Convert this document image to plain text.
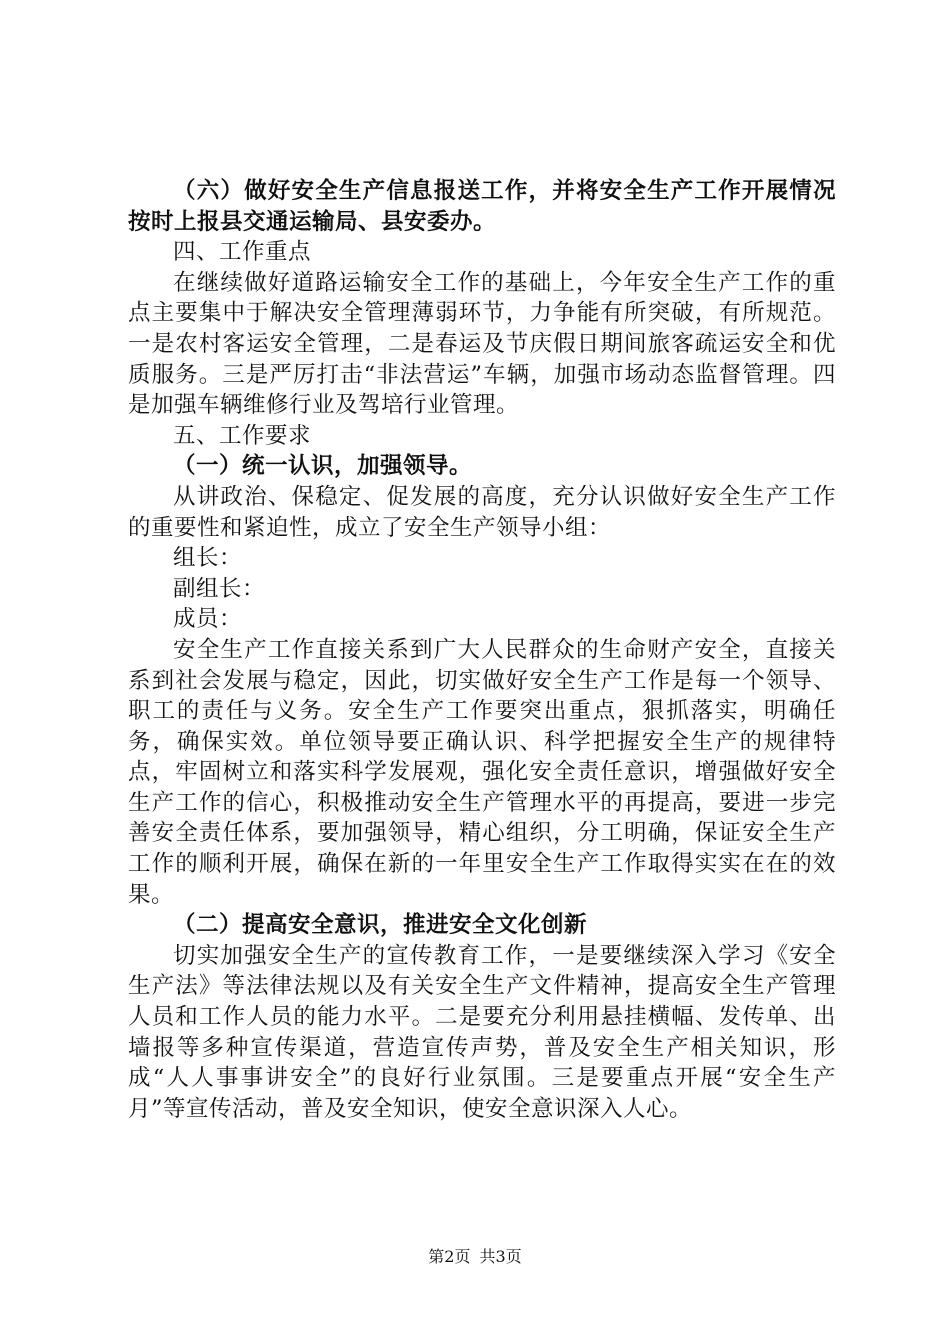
（六）做好安全生产信息报送工作，并将安全生产工作开展情况按时上报县交通运输局、县安委办。

四、工作重点

在继续做好道路运输安全工作的基础上，今年安全生产工作的重点主要集中于解决安全管理薄弱环节，力争能有所突破，有所规范。一是农村客运安全管理，二是春运及节庆假日期间旅客疏运安全和优质服务。三是严厉打击“非法营运”车辆，加强市场动态监督管理。四是加强车辆维修行业及驾培行业管理。

五、工作要求

（一）统一认识，加强领导。

从讲政治、保稳定、促发展的高度，充分认识做好安全生产工作的重要性和紧迫性，成立了安全生产领导小组：

组长：

副组长：

成员：

安全生产工作直接关系到广大人民群众的生命财产安全，直接关系到社会发展与稳定，因此，切实做好安全生产工作是每一个领导、职工的责任与义务。安全生产工作要突出重点，狠抓落实，明确任务，确保实效。单位领导要正确认识、科学把握安全生产的规律特点，牢固树立和落实科学发展观，强化安全责任意识，增强做好安全生产工作的信心，积极推动安全生产管理水平的再提高，要进一步完善安全责任体系，要加强领导，精心组织，分工明确，保证安全生产工作的顺利开展，确保在新的一年里安全生产工作取得实实在在的效果。

（二）提高安全意识，推进安全文化创新

切实加强安全生产的宣传教育工作，一是要继续深入学习《安全生产法》等法律法规以及有关安全生产文件精神，提高安全生产管理人员和工作人员的能力水平。二是要充分利用悬挂横幅、发传单、出墙报等多种宣传渠道，营造宣传声势，普及安全生产相关知识，形成“人人事事讲安全”的良好行业氛围。三是要重点开展“安全生产月”等宣传活动，普及安全知识，使安全意识深入人心。

第2页 共3页
